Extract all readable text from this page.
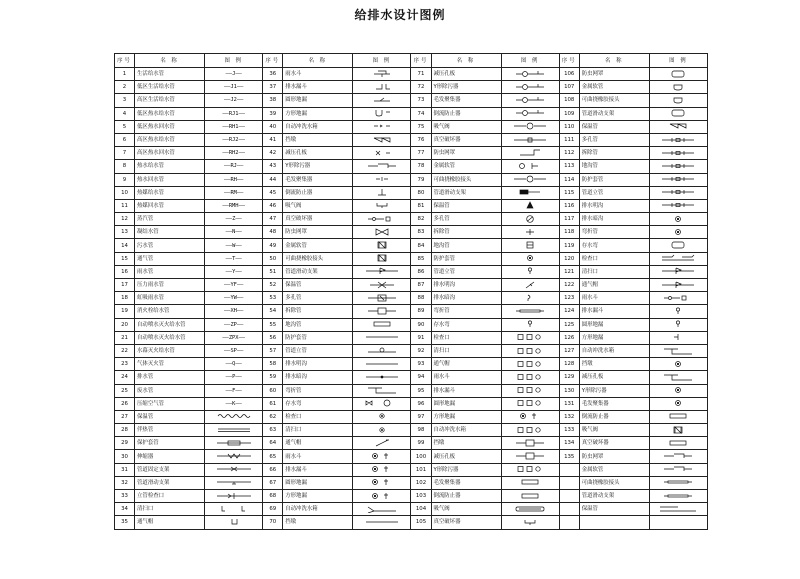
给排水设计图例
序号	名 称	图 例	序号	名 称	图 例	序号	名 称	图 例	序号	名 称	图 例
1	生活给水管	——J——	36	雨水斗		71	减压孔板		106	防虫网罩	

2	低区生活给水管	——J1——	37	排水漏斗		72	Y形除污器		107	金属软管	

3	高区生活给水管	——J2——	38	圆形地漏		73	毛发聚集器		108	可曲挠橡胶接头	

4	低区热水给水管	——RJ1——	39	方形地漏		74	倒流防止器		109	管道滑动支架	

5	低区热水回水管	——RH1——	40	自动冲洗水箱		75	吸气阀		110	保温管	

6	高区热水给水管	——RJ2——	41	挡墩		76	真空破坏器		111	多孔管	

7	高区热水回水管	——RH2——	42	减压孔板		77	防虫网罩		112	拆除管	

8	热水给水管	——RJ——	43	Y形除污器		78	金属软管		113	地沟管	

9	热水回水管	——RH——	44	毛发聚集器		79	可曲挠橡胶接头		114	防护套管	

10	热媒给水管	——RM——	45	倒流防止器		80	管道滑动支架		115	管道立管	

11	热媒回水管	——RMH——	46	吸气阀		81	保温管		116	排水明沟	

12	蒸汽管	——Z——	47	真空破坏器		82	多孔管		117	排水暗沟	

13	凝结水管	——N——	48	防虫网罩		83	拆除管		118	弯折管	

14	污水管	——W——	49	金属软管		84	地沟管		119	存水弯	

15	通气管	——T——	50	可曲挠橡胶接头		85	防护套管		120	检查口	

16	雨水管	——Y——	51	管道滑动支架		86	管道立管		121	清扫口	

17	压力雨水管	——YF——	52	保温管		87	排水明沟		122	通气帽	

18	虹吸雨水管	——YW——	53	多孔管		88	排水暗沟		123	雨水斗	

19	消火栓给水管	——XH——	54	拆除管		89	弯折管		124	排水漏斗	

20	自动喷水灭火给水管	——ZP——	55	地沟管		90	存水弯		125	圆形地漏	

21	自动喷水灭火给水管	——ZPX——	56	防护套管		91	检查口		126	方形地漏	

22	水幕灭火给水管	——SP——	57	管道立管		92	清扫口		127	自动冲洗水箱	

23	气体灭火管	——Q——	58	排水明沟		93	通气帽		128	挡墩	

24	排水管	——P——	59	排水暗沟		94	雨水斗		129	减压孔板	

25	废水管	——F——	60	弯折管		95	排水漏斗		130	Y形除污器	

26	压缩空气管	——K——	61	存水弯		96	圆形地漏		131	毛发聚集器	

27	保温管		62	检查口		97	方形地漏		132	倒流防止器	

28	伴热管		63	清扫口		98	自动冲洗水箱		133	吸气阀	

29	保护套管		64	通气帽		99	挡墩		134	真空破坏器	

30	伸缩器		65	雨水斗		100	减压孔板		135	防虫网罩	

31	管道固定支架		66	排水漏斗		101	Y形除污器			金属软管	

32	管道滑动支架		67	圆形地漏		102	毛发聚集器			可曲挠橡胶接头	

33	立管检查口		68	方形地漏		103	倒流防止器			管道滑动支架	

34	清扫口		69	自动冲洗水箱		104	吸气阀			保温管	

35	通气帽		70	挡墩		105	真空破坏器	
